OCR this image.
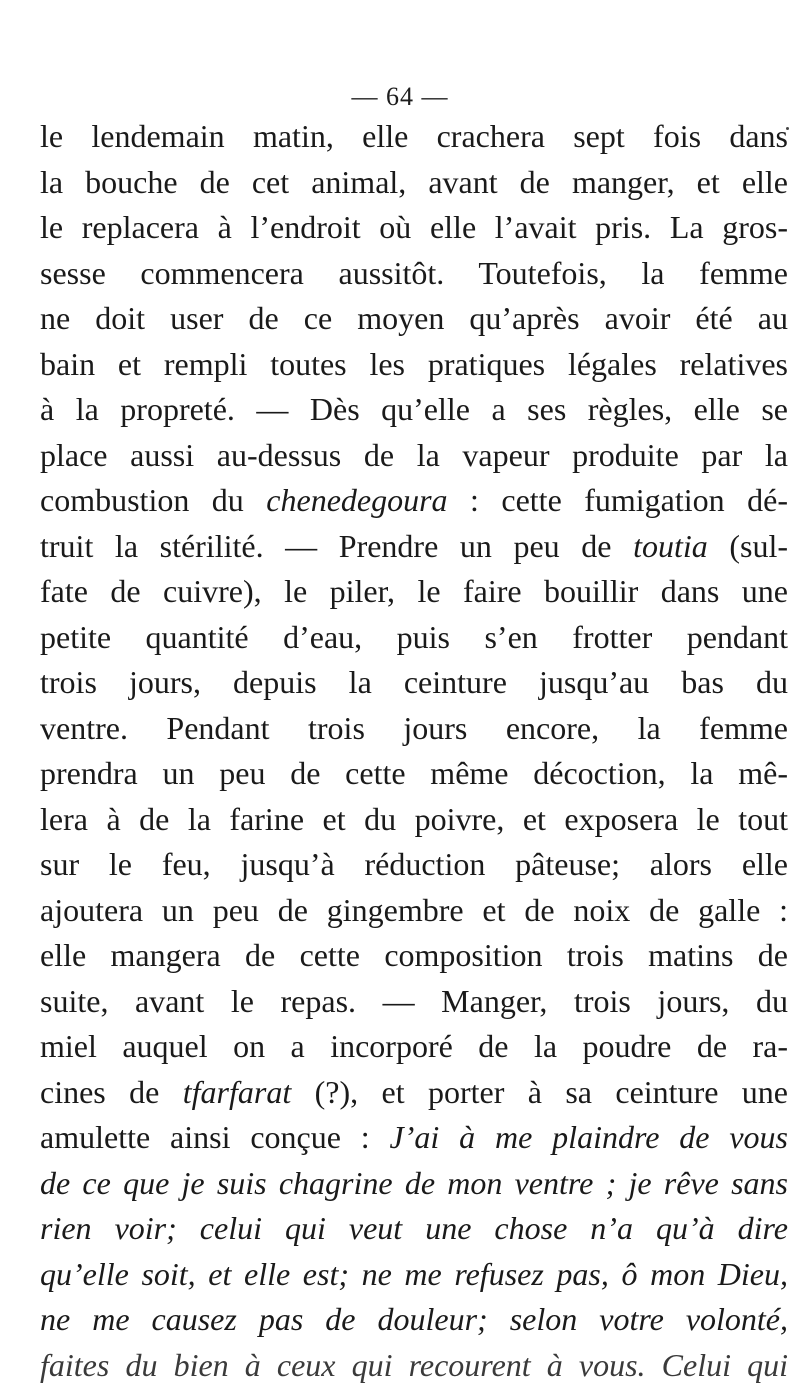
— 64 —
le lendemain matin, elle crachera sept fois dans
la bouche de cet animal, avant de manger, et elle
le replacera à l’endroit où elle l’avait pris. La gros-
sesse commencera aussitôt. Toutefois, la femme
ne doit user de ce moyen qu’après avoir été au
bain et rempli toutes les pratiques légales relatives
à la propreté. — Dès qu’elle a ses règles, elle se
place aussi au-dessus de la vapeur produite par la
combustion du chenedegoura : cette fumigation dé-
truit la stérilité. — Prendre un peu de toutia (sul-
fate de cuivre), le piler, le faire bouillir dans une
petite quantité d’eau, puis s’en frotter pendant
trois jours, depuis la ceinture jusqu’au bas du
ventre. Pendant trois jours encore, la femme
prendra un peu de cette même décoction, la mê-
lera à de la farine et du poivre, et exposera le tout
sur le feu, jusqu’à réduction pâteuse; alors elle
ajoutera un peu de gingembre et de noix de galle :
elle mangera de cette composition trois matins de
suite, avant le repas. — Manger, trois jours, du
miel auquel on a incorporé de la poudre de ra-
cines de tfarfarat (?), et porter à sa ceinture une
amulette ainsi conçue : J’ai à me plaindre de vous
de ce que je suis chagrine de mon ventre ; je rêve sans
rien voir; celui qui veut une chose n’a qu’à dire
qu’elle soit, et elle est; ne me refusez pas, ô mon Dieu,
ne me causez pas de douleur; selon votre volonté,
faites du bien à ceux qui recourent à vous. Celui qui
